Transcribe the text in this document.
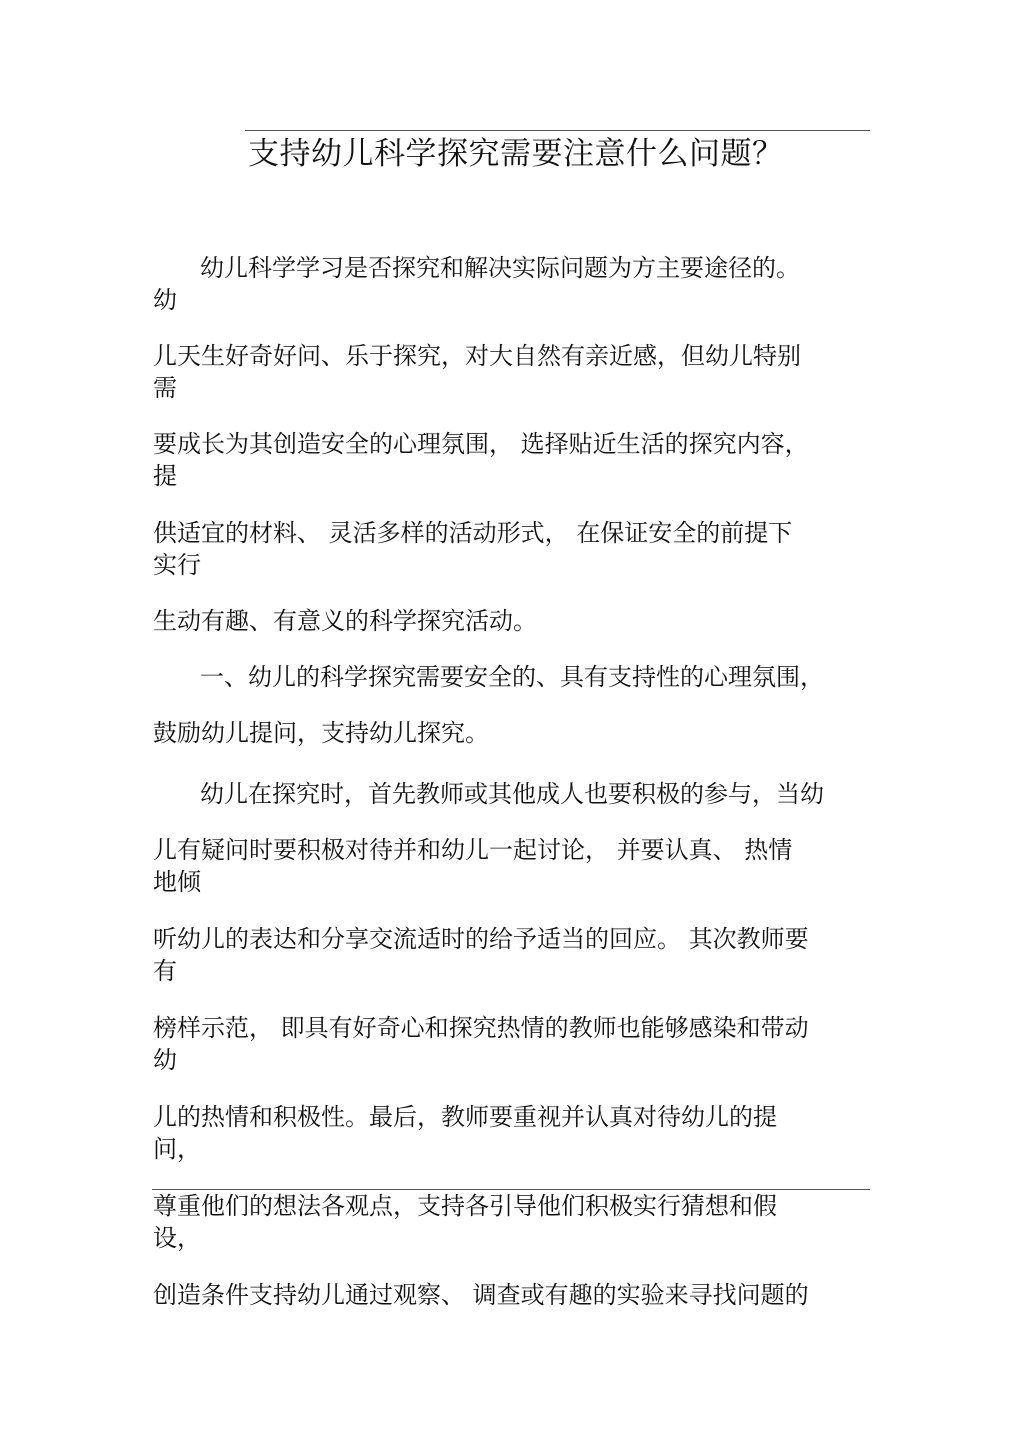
支持幼儿科学探究需要注意什么问题？
幼儿科学学习是否探究和解决实际问题为方主要途径的。
幼
儿天生好奇好问、乐于探究，对大自然有亲近感，但幼儿特别
需
要成长为其创造安全的心理氛围， 选择贴近生活的探究内容，
提
供适宜的材料、 灵活多样的活动形式， 在保证安全的前提下
实行
生动有趣、有意义的科学探究活动。
一、幼儿的科学探究需要安全的、具有支持性的心理氛围，
鼓励幼儿提问，支持幼儿探究。
幼儿在探究时，首先教师或其他成人也要积极的参与，当幼
儿有疑问时要积极对待并和幼儿一起讨论， 并要认真、 热情
地倾
听幼儿的表达和分享交流适时的给予适当的回应。 其次教师要
有
榜样示范， 即具有好奇心和探究热情的教师也能够感染和带动
幼
儿的热情和积极性。最后，教师要重视并认真对待幼儿的提
问，
尊重他们的想法各观点，支持各引导他们积极实行猜想和假
设，
创造条件支持幼儿通过观察、 调查或有趣的实验来寻找问题的
